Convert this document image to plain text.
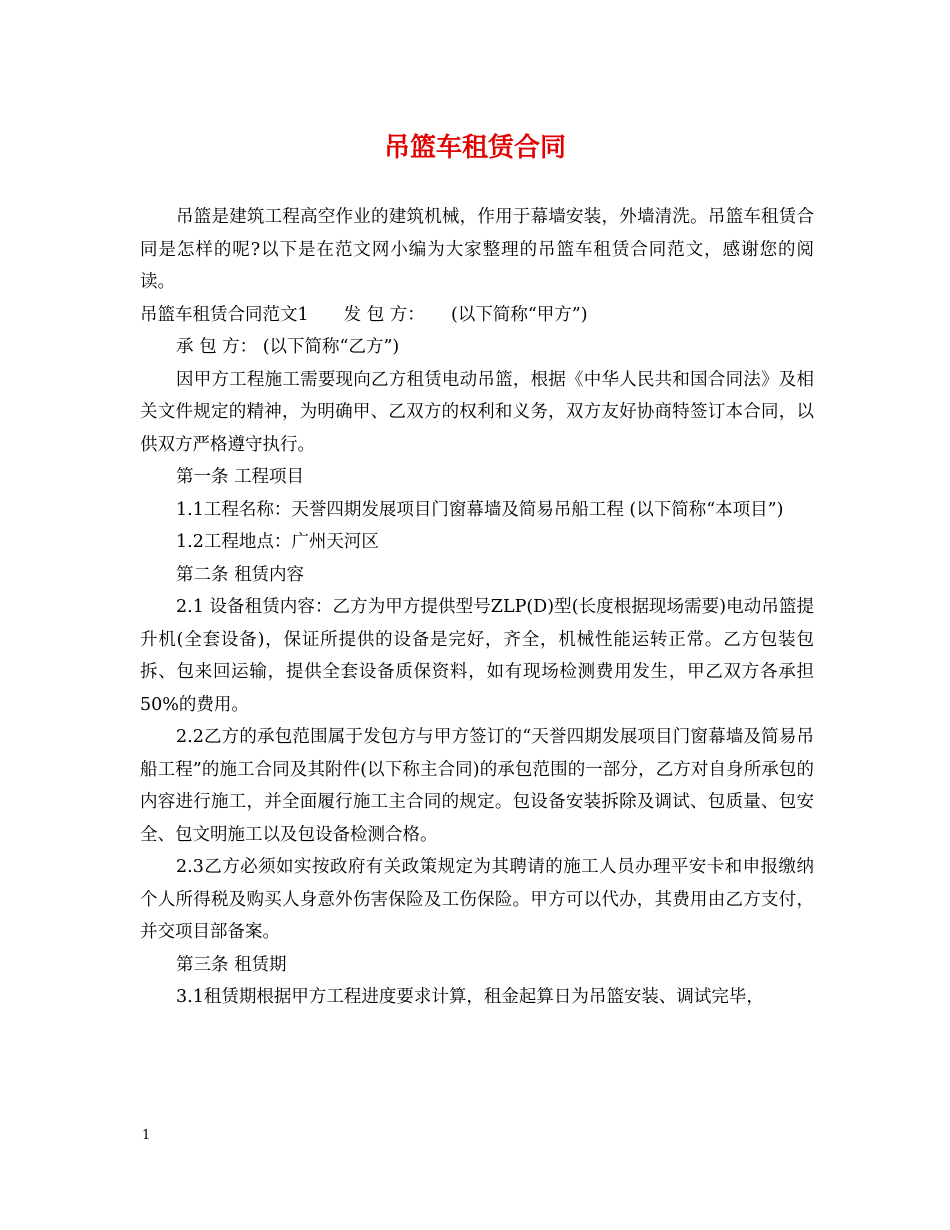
吊篮车租赁合同

吊篮是建筑工程高空作业的建筑机械，作用于幕墙安装，外墙清洗。吊篮车租赁合同是怎样的呢?以下是在范文网小编为大家整理的吊篮车租赁合同范文，感谢您的阅读。

吊篮车租赁合同范文1　　发 包 方：　　(以下简称“甲方”)

承 包 方： (以下简称“乙方”)

因甲方工程施工需要现向乙方租赁电动吊篮，根据《中华人民共和国合同法》及相关文件规定的精神，为明确甲、乙双方的权利和义务，双方友好协商特签订本合同，以供双方严格遵守执行。

第一条 工程项目

1.1工程名称：天誉四期发展项目门窗幕墙及简易吊船工程 (以下简称“本项目”)

1.2工程地点：广州天河区

第二条 租赁内容

2.1 设备租赁内容：乙方为甲方提供型号ZLP(D)型(长度根据现场需要)电动吊篮提升机(全套设备)，保证所提供的设备是完好，齐全，机械性能运转正常。乙方包装包拆、包来回运输，提供全套设备质保资料，如有现场检测费用发生，甲乙双方各承担50%的费用。

2.2乙方的承包范围属于发包方与甲方签订的“天誉四期发展项目门窗幕墙及简易吊船工程”的施工合同及其附件(以下称主合同)的承包范围的一部分，乙方对自身所承包的内容进行施工，并全面履行施工主合同的规定。包设备安装拆除及调试、包质量、包安全、包文明施工以及包设备检测合格。

2.3乙方必须如实按政府有关政策规定为其聘请的施工人员办理平安卡和申报缴纳个人所得税及购买人身意外伤害保险及工伤保险。甲方可以代办，其费用由乙方支付，并交项目部备案。

第三条 租赁期

3.1租赁期根据甲方工程进度要求计算，租金起算日为吊篮安装、调试完毕，

1
